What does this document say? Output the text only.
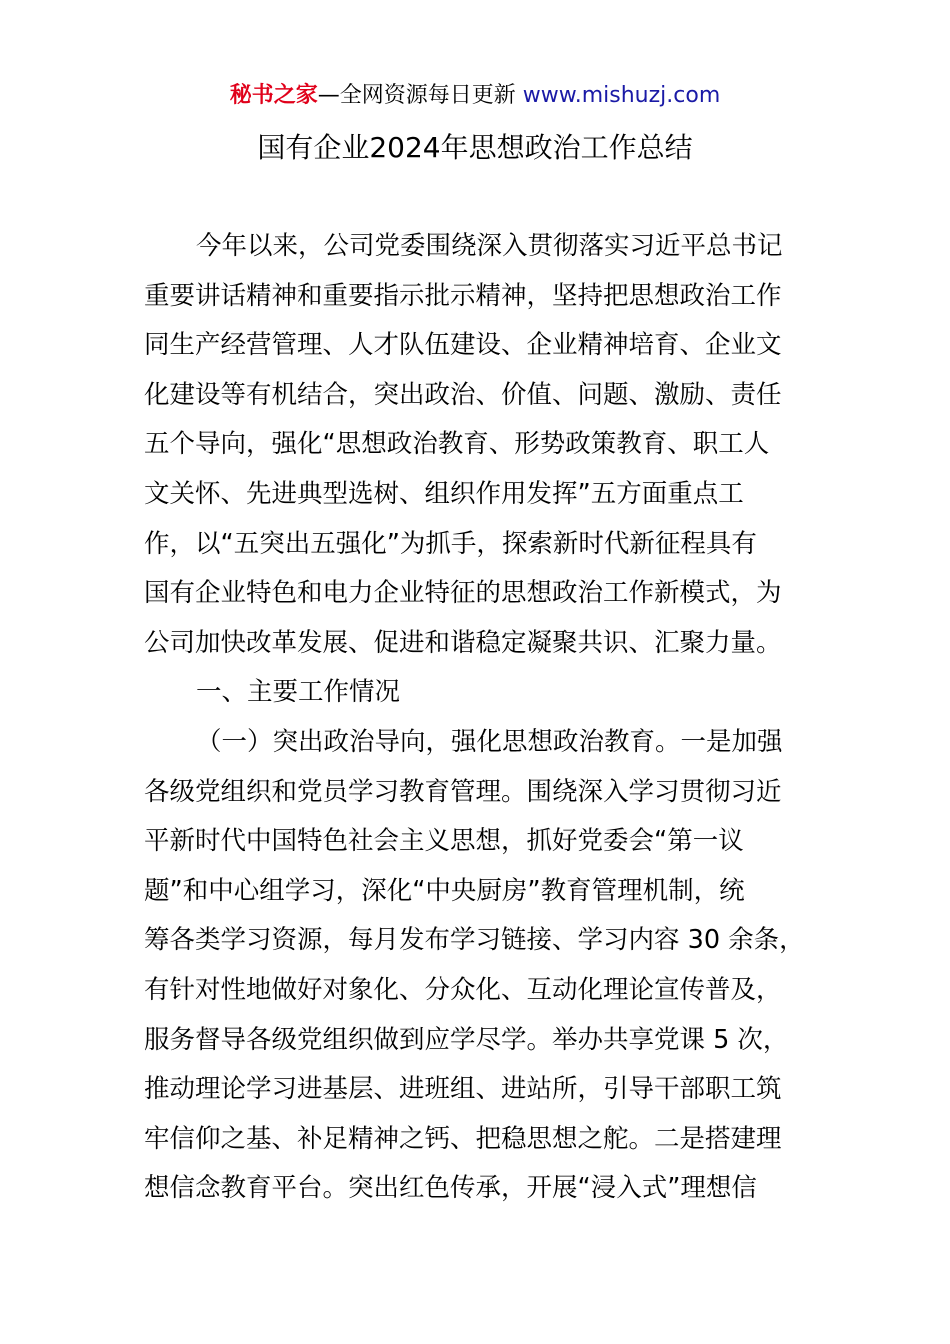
秘书之家—全网资源每日更新 www.mishuzj.com
国有企业2024年思想政治工作总结
今年以来，公司党委围绕深入贯彻落实习近平总书记
重要讲话精神和重要指示批示精神，坚持把思想政治工作
同生产经营管理、人才队伍建设、企业精神培育、企业文
化建设等有机结合，突出政治、价值、问题、激励、责任
五个导向，强化“思想政治教育、形势政策教育、职工人
文关怀、先进典型选树、组织作用发挥”五方面重点工
作，以“五突出五强化”为抓手，探索新时代新征程具有
国有企业特色和电力企业特征的思想政治工作新模式，为
公司加快改革发展、促进和谐稳定凝聚共识、汇聚力量。
一、主要工作情况
（一）突出政治导向，强化思想政治教育。一是加强
各级党组织和党员学习教育管理。围绕深入学习贯彻习近
平新时代中国特色社会主义思想，抓好党委会“第一议
题”和中心组学习，深化“中央厨房”教育管理机制，统
筹各类学习资源，每月发布学习链接、学习内容 30 余条，
有针对性地做好对象化、分众化、互动化理论宣传普及，
服务督导各级党组织做到应学尽学。举办共享党课 5 次，
推动理论学习进基层、进班组、进站所，引导干部职工筑
牢信仰之基、补足精神之钙、把稳思想之舵。二是搭建理
想信念教育平台。突出红色传承，开展“浸入式”理想信
